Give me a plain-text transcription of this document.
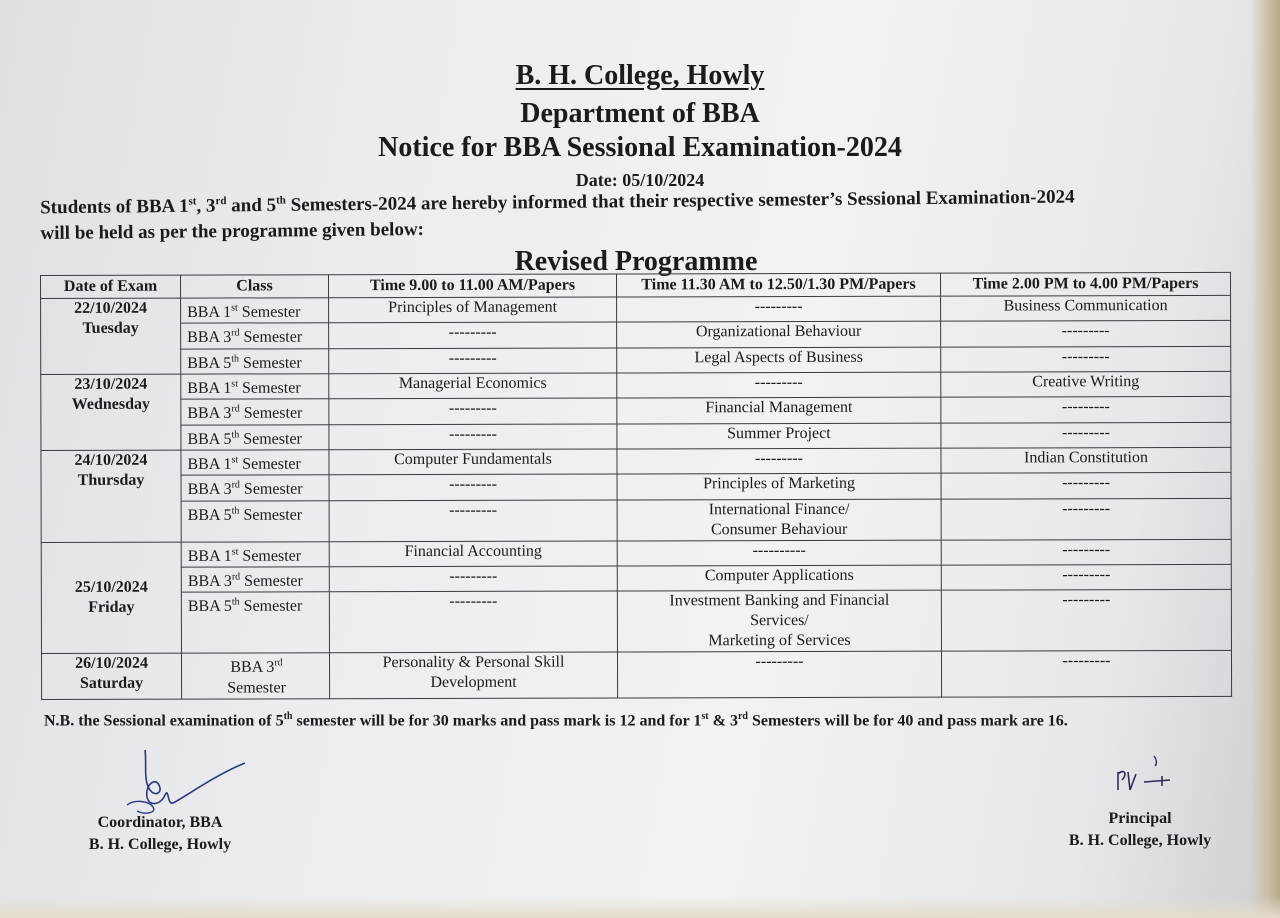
B. H. College, Howly

Department of BBA

Notice for BBA Sessional Examination-2024

Date: 05/10/2024

Students of BBA 1st, 3rd and 5th Semesters-2024 are hereby informed that their respective semester’s Sessional Examination-2024 will be held as per the programme given below:

Revised Programme

Date of Exam	Class	Time 9.00 to 11.00 AM/Papers	Time 11.30 AM to 12.50/1.30 PM/Papers	Time 2.00 PM to 4.00 PM/Papers
22/10/2024
Tuesday	BBA 1st Semester	Principles of Management	---------	Business Communication
	BBA 3rd Semester	---------	Organizational Behaviour	---------
	BBA 5th Semester	---------	Legal Aspects of Business	---------
23/10/2024
Wednesday	BBA 1st Semester	Managerial Economics	---------	Creative Writing
	BBA 3rd Semester	---------	Financial Management	---------
	BBA 5th Semester	---------	Summer Project	---------
24/10/2024
Thursday	BBA 1st Semester	Computer Fundamentals	---------	Indian Constitution
	BBA 3rd Semester	---------	Principles of Marketing	---------
	BBA 5th Semester	---------	International Finance/
Consumer Behaviour	---------
25/10/2024
Friday	BBA 1st Semester	Financial Accounting	----------	---------
	BBA 3rd Semester	---------	Computer Applications	---------
	BBA 5th Semester	---------	Investment Banking and Financial
Services/
Marketing of Services	---------
26/10/2024
Saturday	BBA 3rd
Semester	Personality & Personal Skill
Development	---------	---------

N.B. the Sessional examination of 5th semester will be for 30 marks and pass mark is 12 and for 1st & 3rd Semesters will be for 40 and pass mark are 16.

Coordinator, BBA
B. H. College, Howly
Principal
B. H. College, Howly
